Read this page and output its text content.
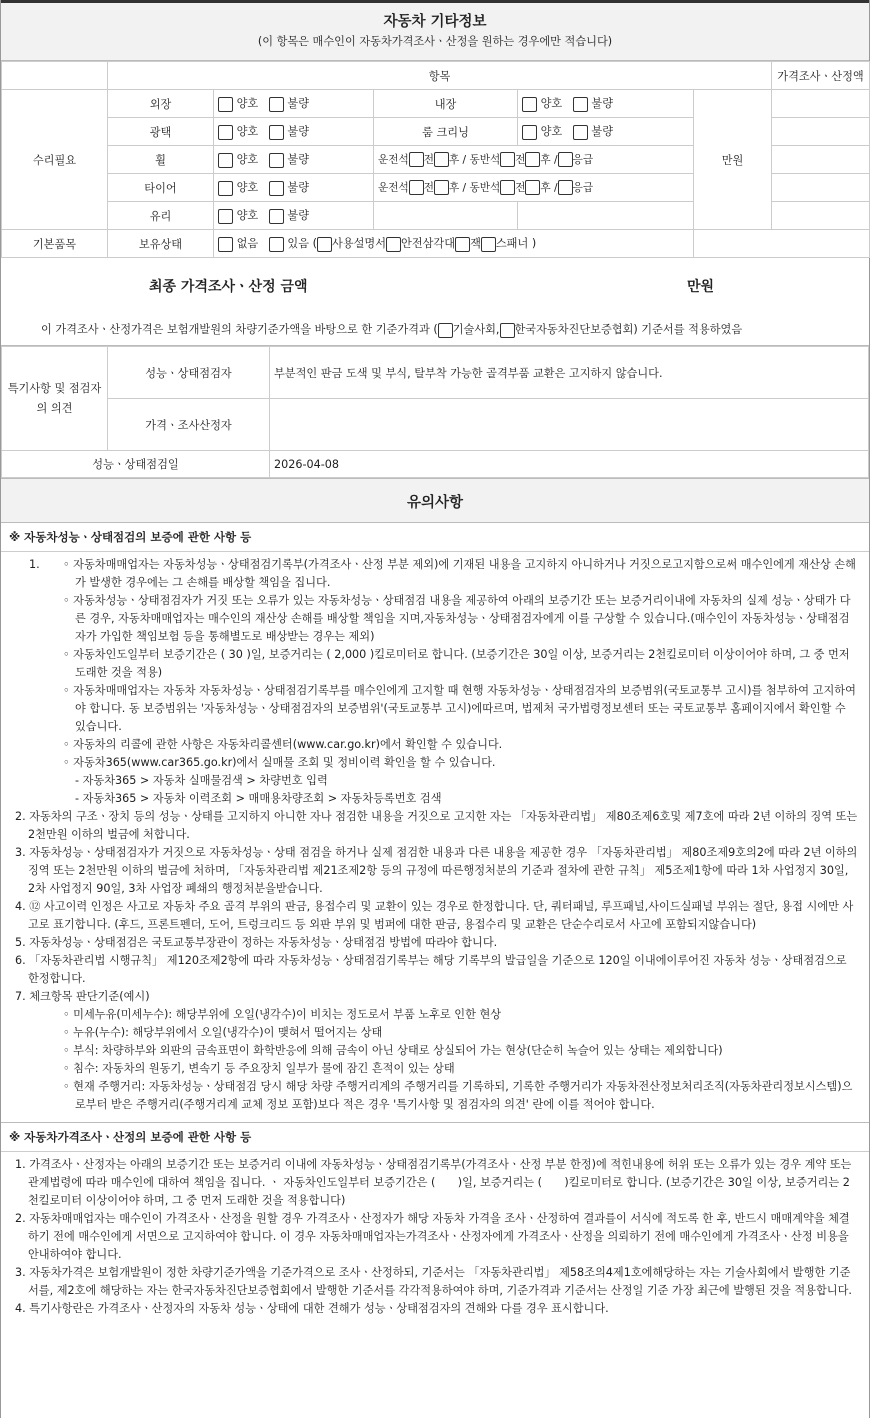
자동차 기타정보
(이 항목은 매수인이 자동차가격조사ㆍ산정을 원하는 경우에만 적습니다)
	항목					가격조사ㆍ산정액
수리필요	외장	양호 불량	내장	양호 불량	만원	
	광택	양호 불량	룸 크리닝	양호 불량		
	휠	양호 불량	운전석 전 후 / 동반석 전 후 / 응급			
	타이어	양호 불량	운전석 전 후 / 동반석 전 후 / 응급			
	유리	양호 불량				
기본품목	보유상태	없음 있음 ( 사용설명서 안전삼각대 잭 스패너 )				
최종 가격조사ㆍ산정 금액	만원
이 가격조사ㆍ산정가격은 보험개발원의 차량기준가액을 바탕으로 한 기준가격과 ( 기술사회, 한국자동차진단보증협회) 기준서를 적용하였음
특기사항 및 점검자의 의견	성능ㆍ상태점검자	부분적인 판금 도색 및 부식, 탈부착 가능한 골격부품 교환은 고지하지 않습니다.
	가격ㆍ조사산정자	
성능ㆍ상태점검일		2026-04-08
유의사항
※ 자동차성능ㆍ상태점검의 보증에 관한 사항 등
1.	◦ 자동차매매업자는 자동차성능ㆍ상태점검기록부(가격조사ㆍ산정 부분 제외)에 기재된 내용을 고지하지 아니하거나 거짓으로고지함으로써 매수인에게 재산상 손해가 발생한 경우에는 그 손해를 배상할 책임을 집니다.
◦ 자동차성능ㆍ상태점검자가 거짓 또는 오류가 있는 자동차성능ㆍ상태점검 내용을 제공하여 아래의 보증기간 또는 보증거리이내에 자동차의 실제 성능ㆍ상태가 다른 경우, 자동차매매업자는 매수인의 재산상 손해를 배상할 책임을 지며,자동차성능ㆍ상태점검자에게 이를 구상할 수 있습니다.(매수인이 자동차성능ㆍ상태점검자가 가입한 책임보험 등을 통해별도로 배상받는 경우는 제외)
◦ 자동차인도일부터 보증기간은 ( 30 )일, 보증거리는 ( 2,000 )킬로미터로 합니다. (보증기간은 30일 이상, 보증거리는 2천킬로미터 이상이어야 하며, 그 중 먼저 도래한 것을 적용)
◦ 자동차매매업자는 자동차 자동차성능ㆍ상태점검기록부를 매수인에게 고지할 때 현행 자동차성능ㆍ상태점검자의 보증범위(국토교통부 고시)를 첨부하여 고지하여야 합니다. 동 보증범위는 '자동차성능ㆍ상태점검자의 보증범위'(국토교통부 고시)에따르며, 법제처 국가법령정보센터 또는 국토교통부 홈페이지에서 확인할 수 있습니다.
◦ 자동차의 리콜에 관한 사항은 자동차리콜센터(www.car.go.kr)에서 확인할 수 있습니다.
◦ 자동차365(www.car365.go.kr)에서 실매물 조회 및 정비이력 확인을 할 수 있습니다.
- 자동차365 > 자동차 실매물검색 > 차량번호 입력
- 자동차365 > 자동차 이력조회 > 매매용차량조회 > 자동차등록번호 검색
2. 자동차의 구조ㆍ장치 등의 성능ㆍ상태를 고지하지 아니한 자나 점검한 내용을 거짓으로 고지한 자는 「자동차관리법」 제80조제6호및 제7호에 따라 2년 이하의 징역 또는 2천만원 이하의 벌금에 처합니다.
3. 자동차성능ㆍ상태점검자가 거짓으로 자동차성능ㆍ상태 점검을 하거나 실제 점검한 내용과 다른 내용을 제공한 경우 「자동차관리법」 제80조제9호의2에 따라 2년 이하의 징역 또는 2천만원 이하의 벌금에 처하며, 「자동차관리법 제21조제2항 등의 규정에 따른행정처분의 기준과 절차에 관한 규칙」 제5조제1항에 따라 1차 사업정지 30일, 2차 사업정지 90일, 3차 사업장 폐쇄의 행정처분을받습니다.
4. ⑫ 사고이력 인정은 사고로 자동차 주요 골격 부위의 판금, 용접수리 및 교환이 있는 경우로 한정합니다. 단, 쿼터패널, 루프패널,사이드실패널 부위는 절단, 용접 시에만 사고로 표기합니다. (후드, 프론트펜더, 도어, 트렁크리드 등 외판 부위 및 범퍼에 대한 판금, 용접수리 및 교환은 단순수리로서 사고에 포함되지않습니다)
5. 자동차성능ㆍ상태점검은 국토교통부장관이 정하는 자동차성능ㆍ상태점검 방법에 따라야 합니다.
6. 「자동차관리법 시행규칙」 제120조제2항에 따라 자동차성능ㆍ상태점검기록부는 해당 기록부의 발급일을 기준으로 120일 이내에이루어진 자동차 성능ㆍ상태점검으로 한정합니다.
7. 체크항목 판단기준(예시)
◦ 미세누유(미세누수): 해당부위에 오일(냉각수)이 비치는 정도로서 부품 노후로 인한 현상
◦ 누유(누수): 해당부위에서 오일(냉각수)이 맺혀서 떨어지는 상태
◦ 부식: 차량하부와 외판의 금속표면이 화학반응에 의해 금속이 아닌 상태로 상실되어 가는 현상(단순히 녹슬어 있는 상태는 제외합니다)
◦ 침수: 자동차의 원동기, 변속기 등 주요장치 일부가 물에 잠긴 흔적이 있는 상태
◦ 현재 주행거리: 자동차성능ㆍ상태점검 당시 해당 차량 주행거리계의 주행거리를 기록하되, 기록한 주행거리가 자동차전산정보처리조직(자동차관리정보시스템)으로부터 받은 주행거리(주행거리계 교체 정보 포함)보다 적은 경우 '특기사항 및 점검자의 의견' 란에 이를 적어야 합니다.
※ 자동차가격조사ㆍ산정의 보증에 관한 사항 등
1. 가격조사ㆍ산정자는 아래의 보증기간 또는 보증거리 이내에 자동차성능ㆍ상태점검기록부(가격조사ㆍ산정 부분 한정)에 적힌내용에 허위 또는 오류가 있는 경우 계약 또는 관계법령에 따라 매수인에 대하여 책임을 집니다. ㆍ 자동차인도일부터 보증기간은 (　　)일, 보증거리는 (　　)킬로미터로 합니다. (보증기간은 30일 이상, 보증거리는 2천킬로미터 이상이어야 하며, 그 중 먼저 도래한 것을 적용합니다)
2. 자동차매매업자는 매수인이 가격조사ㆍ산정을 원할 경우 가격조사ㆍ산정자가 해당 자동차 가격을 조사ㆍ산정하여 결과를이 서식에 적도록 한 후, 반드시 매매계약을 체결하기 전에 매수인에게 서면으로 고지하여야 합니다. 이 경우 자동차매매업자는가격조사ㆍ산정자에게 가격조사ㆍ산정을 의뢰하기 전에 매수인에게 가격조사ㆍ산정 비용을 안내하여야 합니다.
3. 자동차가격은 보험개발원이 정한 차량기준가액을 기준가격으로 조사ㆍ산정하되, 기준서는 「자동차관리법」 제58조의4제1호에해당하는 자는 기술사회에서 발행한 기준서를, 제2호에 해당하는 자는 한국자동차진단보증협회에서 발행한 기준서를 각각적용하여야 하며, 기준가격과 기준서는 산정일 기준 가장 최근에 발행된 것을 적용합니다.
4. 특기사항란은 가격조사ㆍ산정자의 자동차 성능ㆍ상태에 대한 견해가 성능ㆍ상태점검자의 견해와 다를 경우 표시합니다.
